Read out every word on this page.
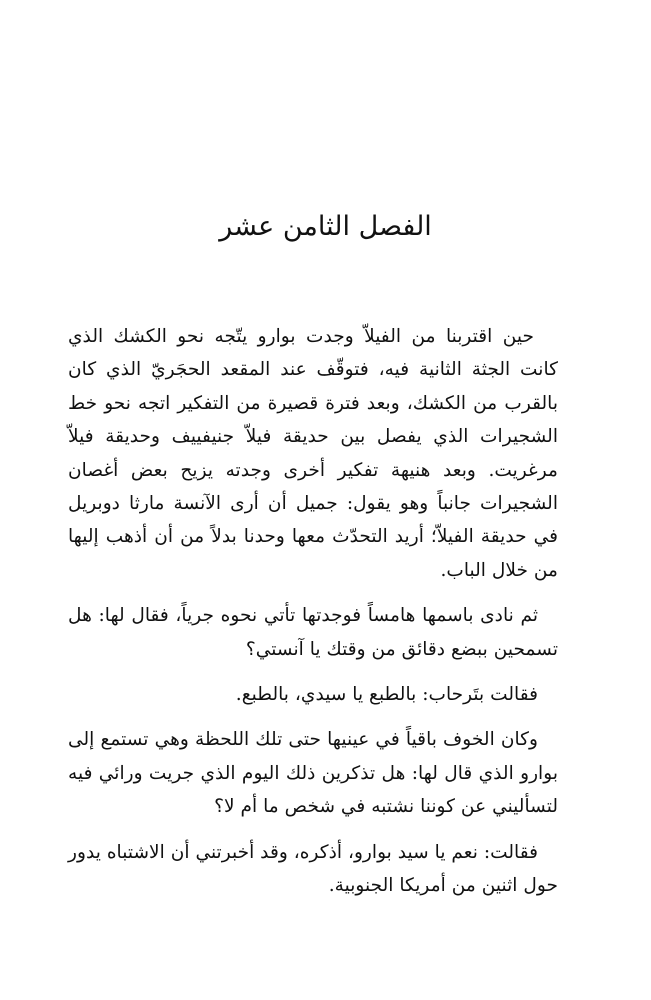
الفصل الثامن عشر

حين اقتربنا من الفيلاّ وجدت بوارو يتّجه نحو الكشك الذي كانت الجثة الثانية فيه، فتوقّف عند المقعد الحجَريّ الذي كان بالقرب من الكشك، وبعد فترة قصيرة من التفكير اتجه نحو خط الشجيرات الذي يفصل بين حديقة فيلاّ جنيفييف وحديقة فيلاّ مرغريت. وبعد هنيهة تفكير أخرى وجدته يزيح بعض أغصان الشجيرات جانباً وهو يقول: جميل أن أرى الآنسة مارثا دوبريل في حديقة الفيلاّ؛ أريد التحدّث معها وحدنا بدلاً من أن أذهب إليها من خلال الباب.

ثم نادى باسمها هامساً فوجدتها تأتي نحوه جرياً، فقال لها: هل تسمحين ببضع دقائق من وقتك يا آنستي؟

فقالت بتَرحاب: بالطبع يا سيدي، بالطبع.

وكان الخوف باقياً في عينيها حتى تلك اللحظة وهي تستمع إلى بوارو الذي قال لها: هل تذكرين ذلك اليوم الذي جريت ورائي فيه لتسأليني عن كوننا نشتبه في شخص ما أم لا؟

فقالت: نعم يا سيد بوارو، أذكره، وقد أخبرتني أن الاشتباه يدور حول اثنين من أمريكا الجنوبية.
